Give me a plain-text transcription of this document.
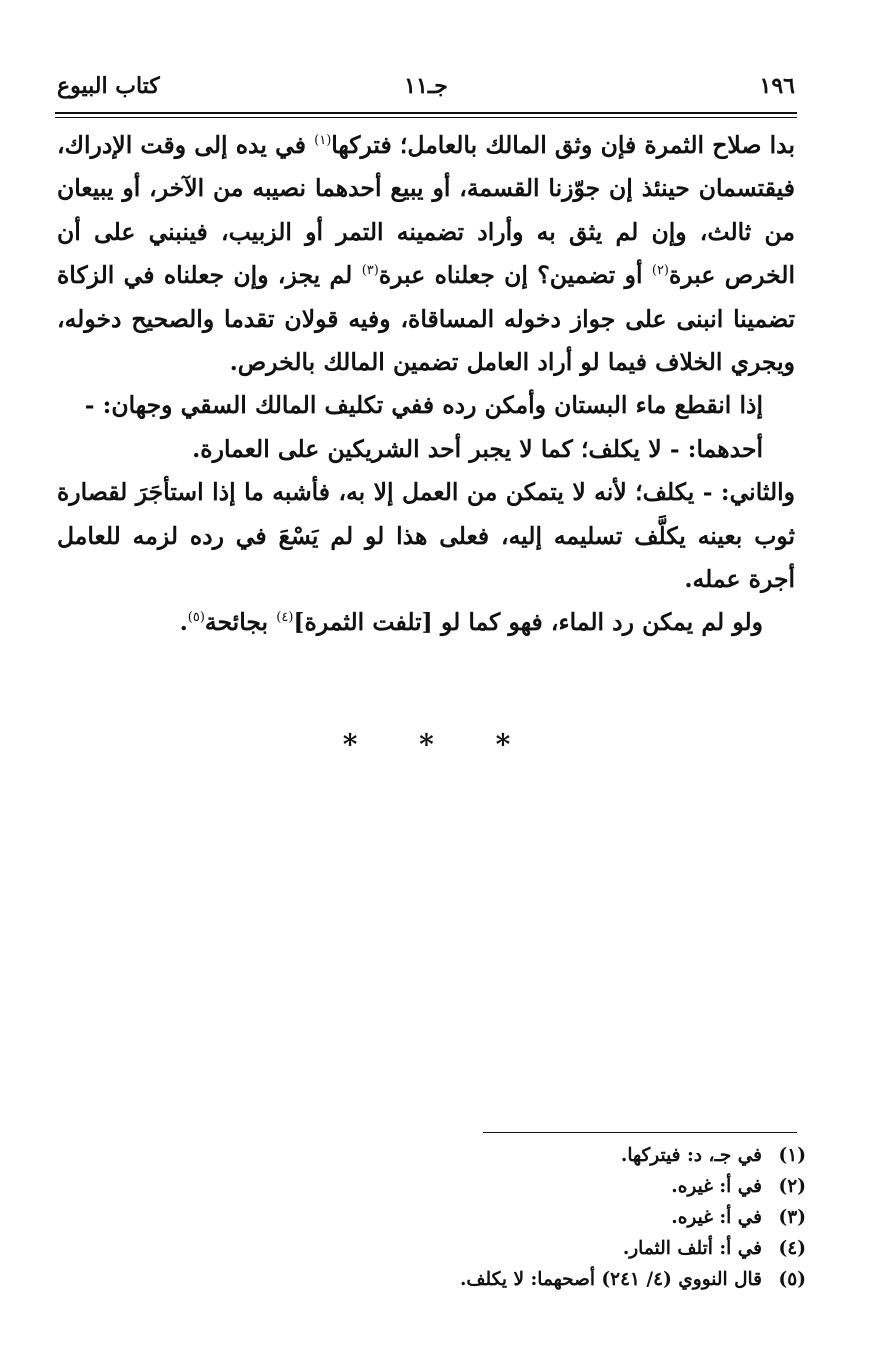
١٩٦
جـ١١
كتاب البيوع

بدا صلاح الثمرة فإن وثق المالك بالعامل؛ فتركها$^{(١)}$ في يده إلى وقت الإدراك، فيقتسمان حينئذ إن جوّزنا القسمة، أو يبيع أحدهما نصيبه من الآخر، أو يبيعان من ثالث، وإن لم يثق به وأراد تضمينه التمر أو الزبيب، فينبني على أن الخرص عبرة$^{(٢)}$ أو تضمين؟ إن جعلناه عبرة$^{(٣)}$ لم يجز، وإن جعلناه في الزكاة تضمينا انبنى على جواز دخوله المساقاة، وفيه قولان تقدما والصحيح دخوله، ويجري الخلاف فيما لو أراد العامل تضمين المالك بالخرص.

إذا انقطع ماء البستان وأمكن رده ففي تكليف المالك السقي وجهان: -

أحدهما: - لا يكلف؛ كما لا يجبر أحد الشريكين على العمارة.

والثاني: - يكلف؛ لأنه لا يتمكن من العمل إلا به، فأشبه ما إذا استأجَرَ لقصارة ثوب بعينه يكلَّف تسليمه إليه، فعلى هذا لو لم يَسْعَ في رده لزمه للعامل أجرة عمله.

ولو لم يمكن رد الماء، فهو كما لو [تلفت الثمرة]$^{(٤)}$ بجائحة$^{(٥)}$.

* * *
(١)
في جـ، د: فيتركها.
(٢)
في أ: غيره.
(٣)
في أ: غيره.
(٤)
في أ: أتلف الثمار.
(٥)
قال النووي (٤/ ٢٤١) أصحهما: لا يكلف.
